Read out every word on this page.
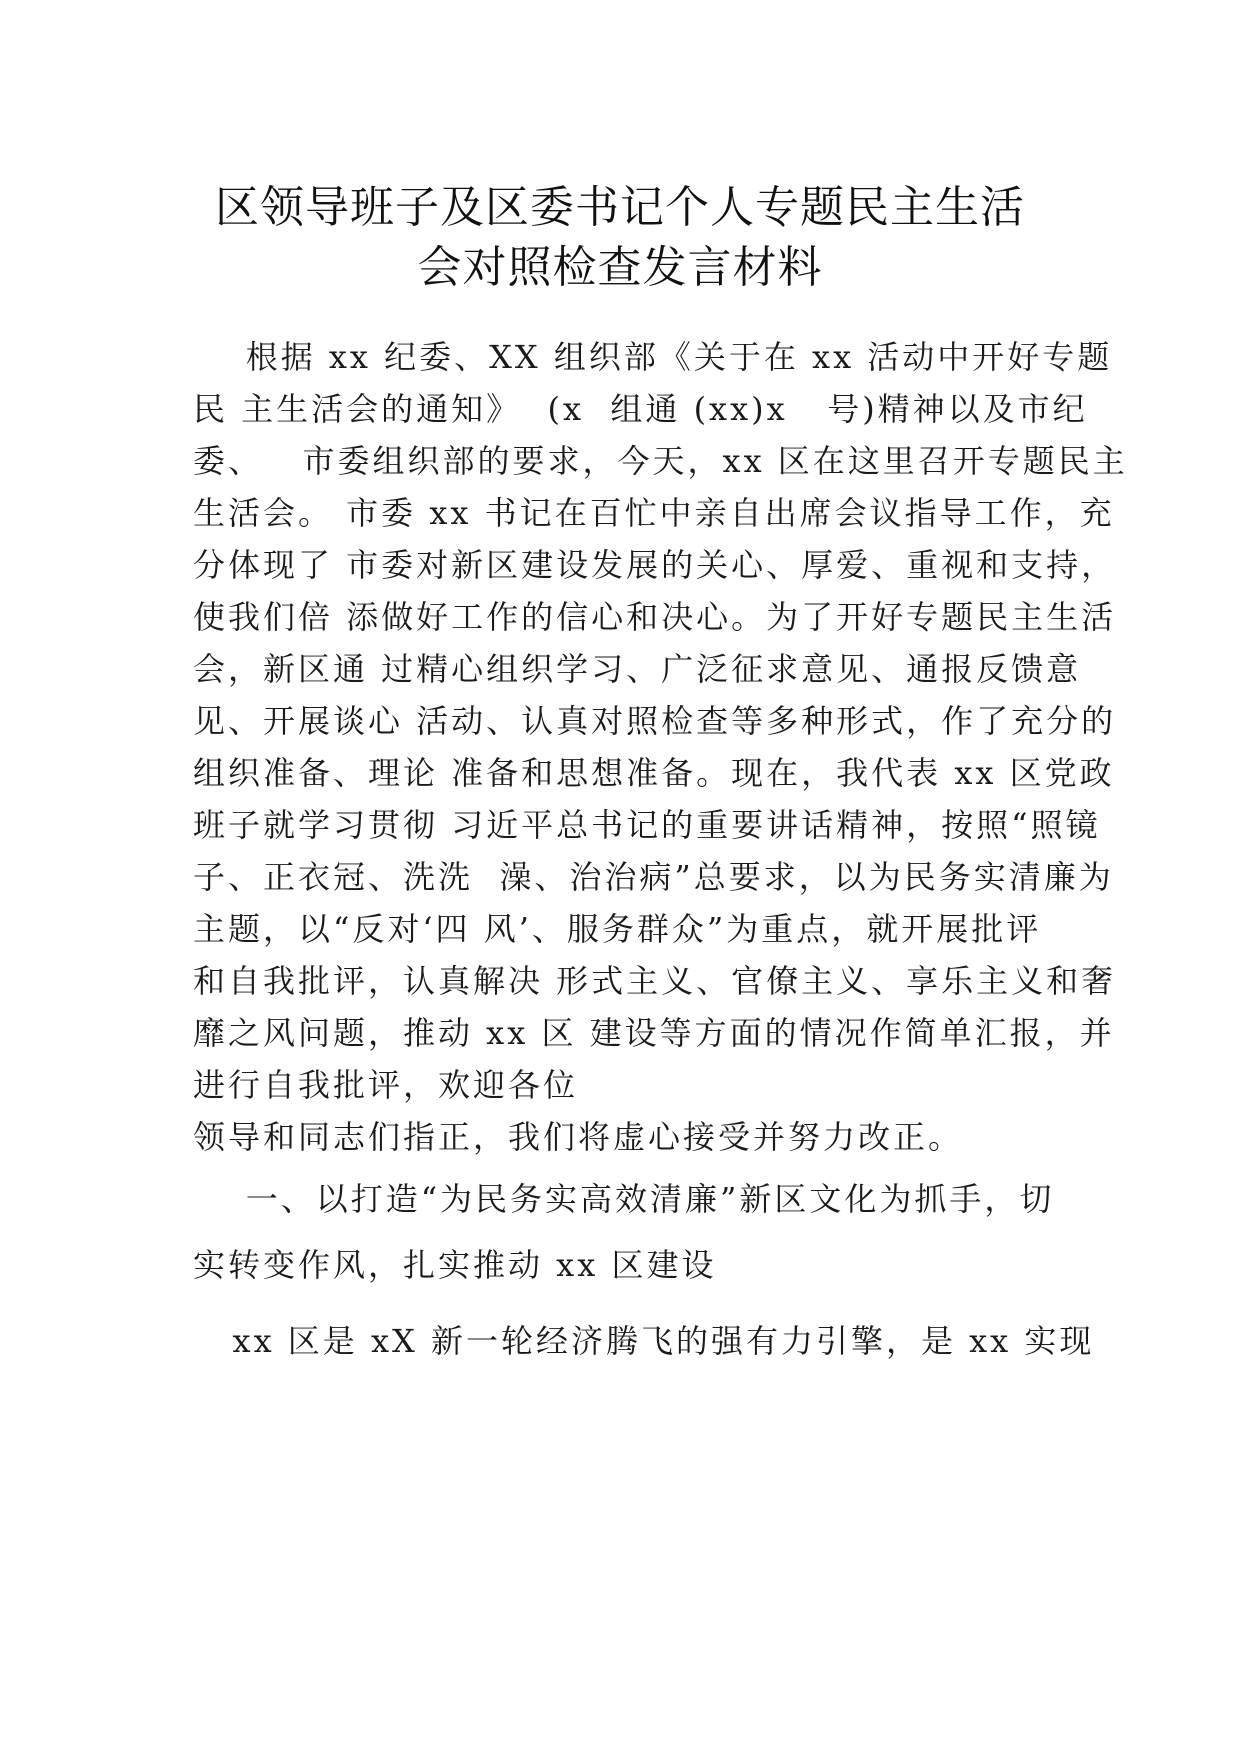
区领导班子及区委书记个人专题民主生活
会对照检查发言材料
根据 xx 纪委、XX 组织部《关于在 xx 活动中开好专题
民 主生活会的通知》  (x  组通 (xx)x   号)精神以及市纪
委、   市委组织部的要求，今天，xx 区在这里召开专题民主
生活会。 市委 xx 书记在百忙中亲自出席会议指导工作，充
分体现了 市委对新区建设发展的关心、厚爱、重视和支持，
使我们倍 添做好工作的信心和决心。为了开好专题民主生活
会，新区通 过精心组织学习、广泛征求意见、通报反馈意
见、开展谈心 活动、认真对照检查等多种形式，作了充分的
组织准备、理论 准备和思想准备。现在，我代表 xx 区党政
班子就学习贯彻 习近平总书记的重要讲话精神，按照“照镜
子、正衣冠、洗洗  澡、治治病”总要求，以为民务实清廉为
主题，以“反对‘四 风’、服务群众”为重点，就开展批评
和自我批评，认真解决 形式主义、官僚主义、享乐主义和奢
靡之风问题，推动 xx 区 建设等方面的情况作简单汇报，并
进行自我批评，欢迎各位
领导和同志们指正，我们将虚心接受并努力改正。
一、以打造“为民务实高效清廉”新区文化为抓手，切
实转变作风，扎实推动 xx 区建设
xx 区是 xX 新一轮经济腾飞的强有力引擎，是 xx 实现
